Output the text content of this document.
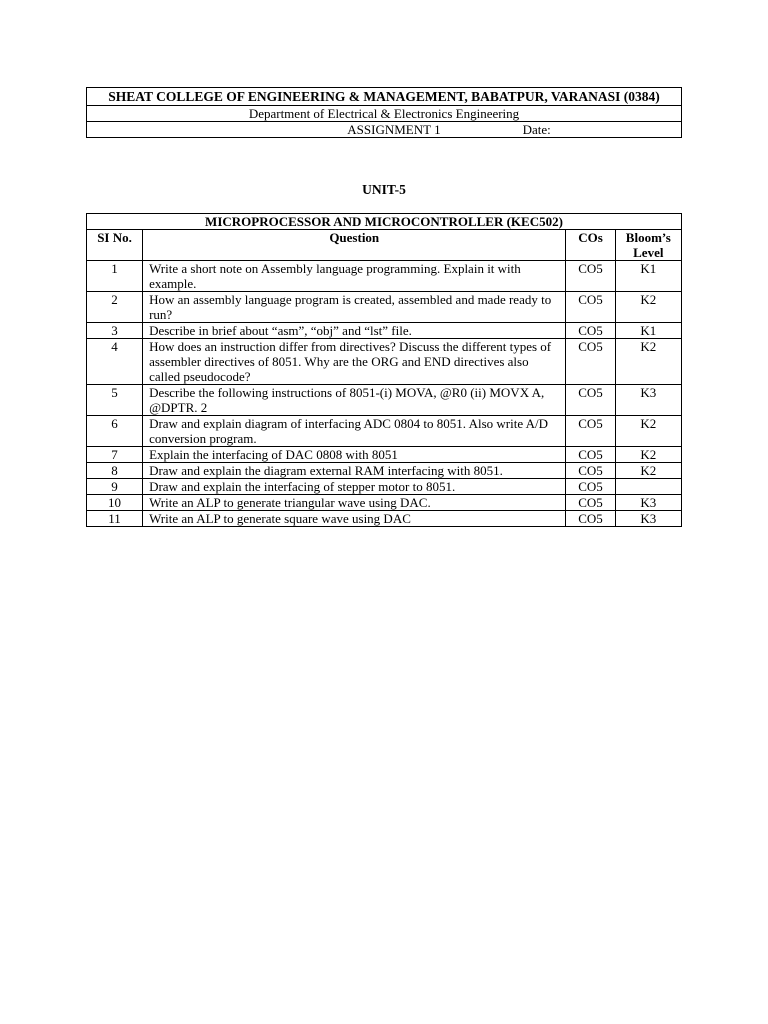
SHEAT COLLEGE OF ENGINEERING & MANAGEMENT, BABATPUR, VARANASI (0384)
Department of Electrical & Electronics Engineering
ASSIGNMENT 1	Date:
UNIT-5
MICROPROCESSOR AND MICROCONTROLLER (KEC502)			
SI No.	Question	COs	Bloom’s Level
1	Write a short note on Assembly language programming. Explain it with example.	CO5	K1
2	How an assembly language program is created, assembled and made ready to run?	CO5	K2
3	Describe in brief about “asm”, “obj” and “lst” file.	CO5	K1
4	How does an instruction differ from directives? Discuss the different types of assembler directives of 8051. Why are the ORG and END directives also called pseudocode?	CO5	K2
5	Describe the following instructions of 8051-(i) MOVA, @R0 (ii) MOVX A, @DPTR. 2	CO5	K3
6	Draw and explain diagram of interfacing ADC 0804 to 8051. Also write A/D conversion program.	CO5	K2
7	Explain the interfacing of DAC 0808 with 8051	CO5	K2
8	Draw and explain the diagram external RAM interfacing with 8051.	CO5	K2
9	Draw and explain the interfacing of stepper motor to 8051.	CO5	
10	Write an ALP to generate triangular wave using DAC.	CO5	K3
11	Write an ALP to generate square wave using DAC	CO5	K3
